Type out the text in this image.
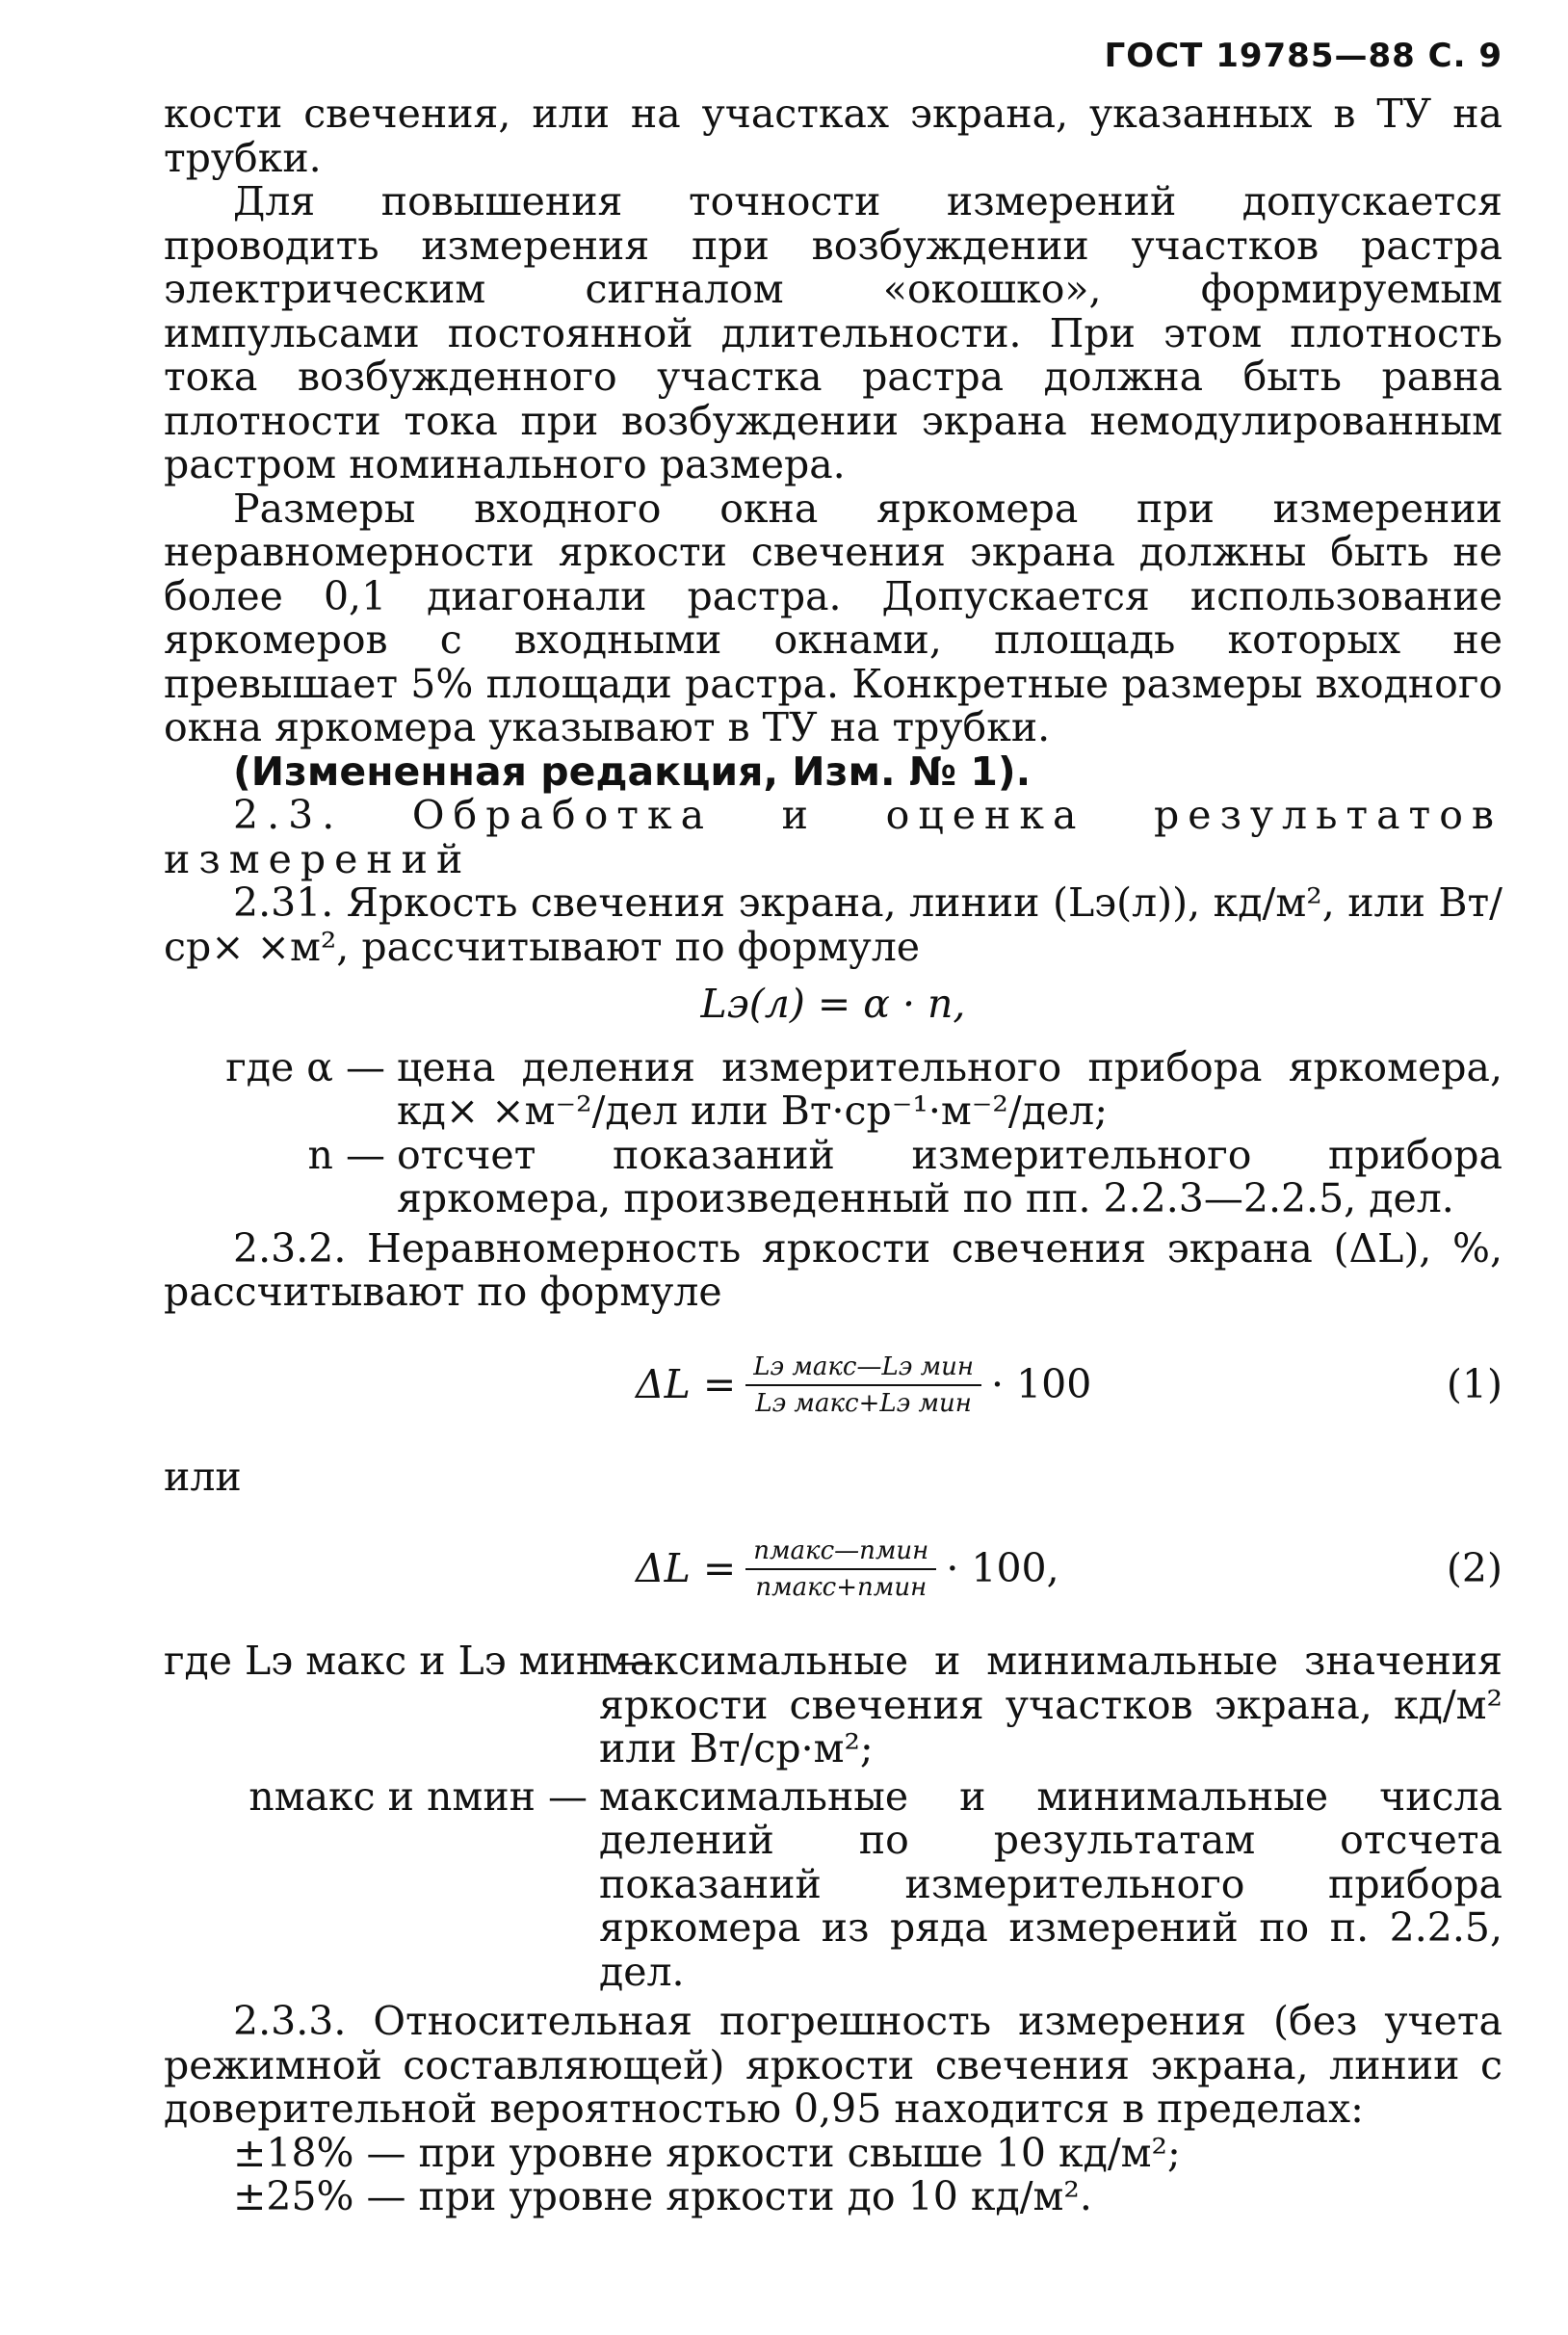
ГОСТ 19785—88 С. 9

кости свечения, или на участках экрана, указанных в ТУ на трубки.

Для повышения точности измерений допускается проводить измерения при возбуждении участков растра электрическим сигналом «окошко», формируемым импульсами постоянной длительности. При этом плотность тока возбужденного участка растра должна быть равна плотности тока при возбуждении экрана немодулированным растром номинального размера.

Размеры входного окна яркомера при измерении неравномерности яркости свечения экрана должны быть не более 0,1 диагонали растра. Допускается использование яркомеров с входными окнами, площадь которых не превышает 5% площади растра. Конкретные размеры входного окна яркомера указывают в ТУ на трубки.

(Измененная редакция, Изм. № 1).

2.3. Обработка и оценка результатов измерений

2.31. Яркость свечения экрана, линии (Lэ(л)), кд/м², или Вт/ср× ×м², рассчитывают по формуле

Lэ(л) = α · n,
где α — цена деления измерительного прибора яркомера, кд× ×м⁻²/дел или Вт·ср⁻¹·м⁻²/дел;
n — отсчет показаний измерительного прибора яркомера, произведенный по пп. 2.2.3—2.2.5, дел.

2.3.2. Неравномерность яркости свечения экрана (ΔL), %, рассчитывают по формуле

$\Delta L = \frac{\text{Lэ макс—Lэ мин}}{\text{Lэ макс+Lэ мин}} \cdot 100$	(1)

или

$\Delta L = \frac{\text{nмакс—nмин}}{\text{nмакс+nмин}} \cdot 100$,	(2)
где Lэ макс и Lэ мин —
максимальные и минимальные значения яркости свечения участков экрана, кд/м² или Вт/ср·м²;
nмакс и nмин — максимальные и минимальные числа делений по результатам отсчета показаний измерительного прибора яркомера из ряда измерений по п. 2.2.5, дел.

2.3.3. Относительная погрешность измерения (без учета режимной составляющей) яркости свечения экрана, линии с доверительной вероятностью 0,95 находится в пределах:

±18% — при уровне яркости свыше 10 кд/м²;

±25% — при уровне яркости до 10 кд/м².
